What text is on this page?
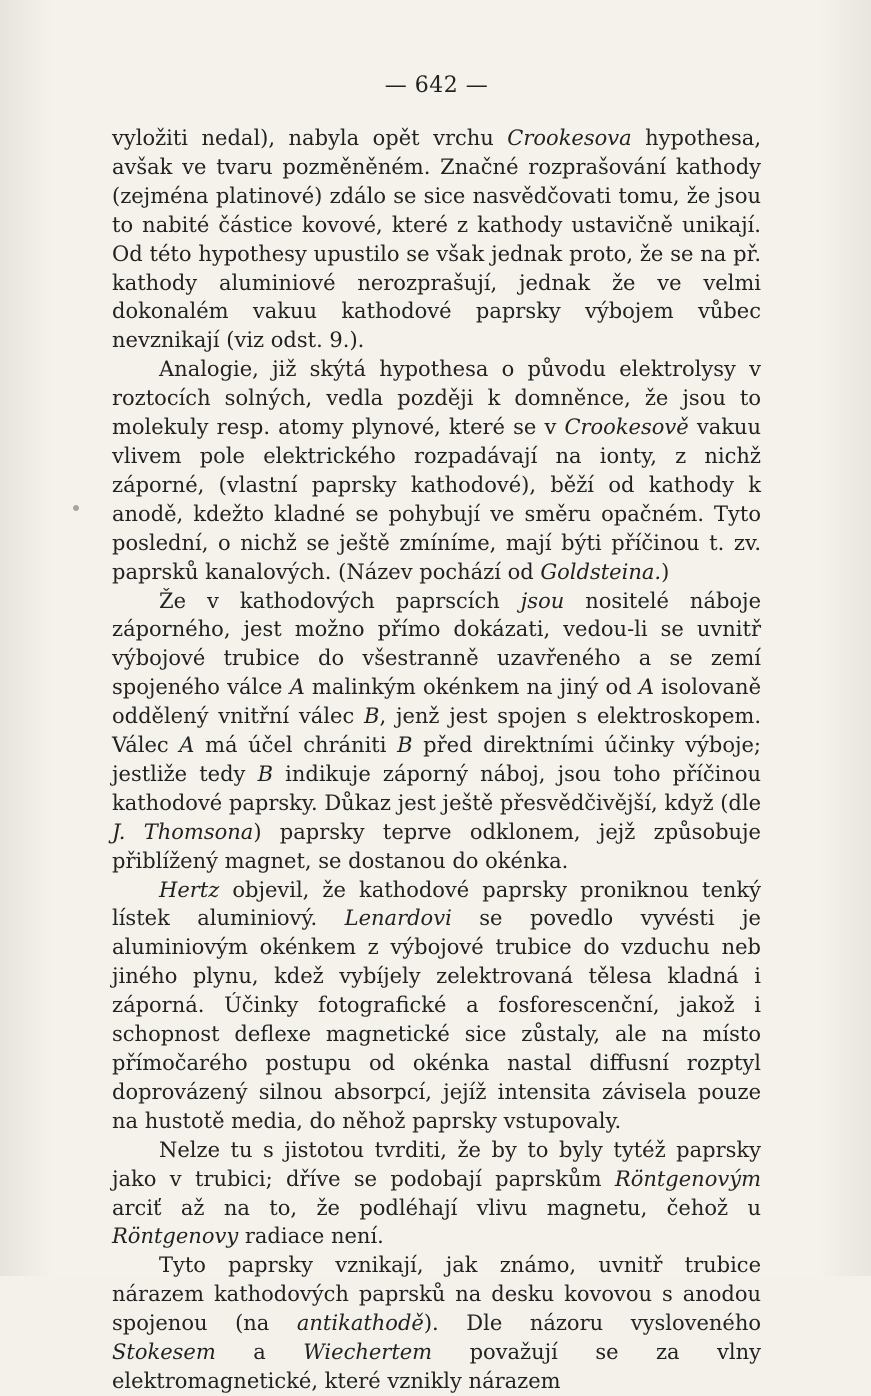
— 642 —

vyložiti nedal), nabyla opět vrchu Crookesova hypothesa, avšak ve tvaru pozměněném. Značné rozprašování kathody (zejména platinové) zdálo se sice nasvědčovati tomu, že jsou to nabité částice kovové, které z kathody ustavičně unikají. Od této hypothesy upustilo se však jednak proto, že se na př. kathody aluminiové nerozprašují, jednak že ve velmi dokonalém vakuu kathodové paprsky výbojem vůbec nevznikají (viz odst. 9.).

Analogie, již skýtá hypothesa o původu elektrolysy v roztocích solných, vedla později k domněnce, že jsou to molekuly resp. atomy plynové, které se v Crookesově vakuu vlivem pole elektrického rozpadávají na ionty, z nichž záporné, (vlastní paprsky kathodové), běží od kathody k anodě, kdežto kladné se pohybují ve směru opačném. Tyto poslední, o nichž se ještě zmíníme, mají býti příčinou t. zv. paprsků kanalových. (Název pochází od Goldsteina.)

Že v kathodových paprscích jsou nositelé náboje záporného, jest možno přímo dokázati, vedou-li se uvnitř výbojové trubice do všestranně uzavřeného a se zemí spojeného válce A malinkým okénkem na jiný od A isolovaně oddělený vnitřní válec B, jenž jest spojen s elektroskopem. Válec A má účel chrániti B před direktními účinky výboje; jestliže tedy B indikuje záporný náboj, jsou toho příčinou kathodové paprsky. Důkaz jest ještě přesvědčivější, když (dle J. Thomsona) paprsky teprve odklonem, jejž způsobuje přiblížený magnet, se dostanou do okénka.

Hertz objevil, že kathodové paprsky proniknou tenký lístek aluminiový. Lenardovi se povedlo vyvésti je aluminiovým okénkem z výbojové trubice do vzduchu neb jiného plynu, kdež vybíjely zelektrovaná tělesa kladná i záporná. Účinky fotografické a fosforescenční, jakož i schopnost deflexe magnetické sice zůstaly, ale na místo přímočarého postupu od okénka nastal diffusní rozptyl doprovázený silnou absorpcí, jejíž intensita závisela pouze na hustotě media, do něhož paprsky vstupovaly.

Nelze tu s jistotou tvrditi, že by to byly tytéž paprsky jako v trubici; dříve se podobají paprskům Röntgenovým arciť až na to, že podléhají vlivu magnetu, čehož u Röntgenovy radiace není.

Tyto paprsky vznikají, jak známo, uvnitř trubice nárazem kathodových paprsků na desku kovovou s anodou spojenou (na antikathodě). Dle názoru vysloveného Stokesem a Wiechertem považují se za vlny elektromagnetické, které vznikly nárazem
